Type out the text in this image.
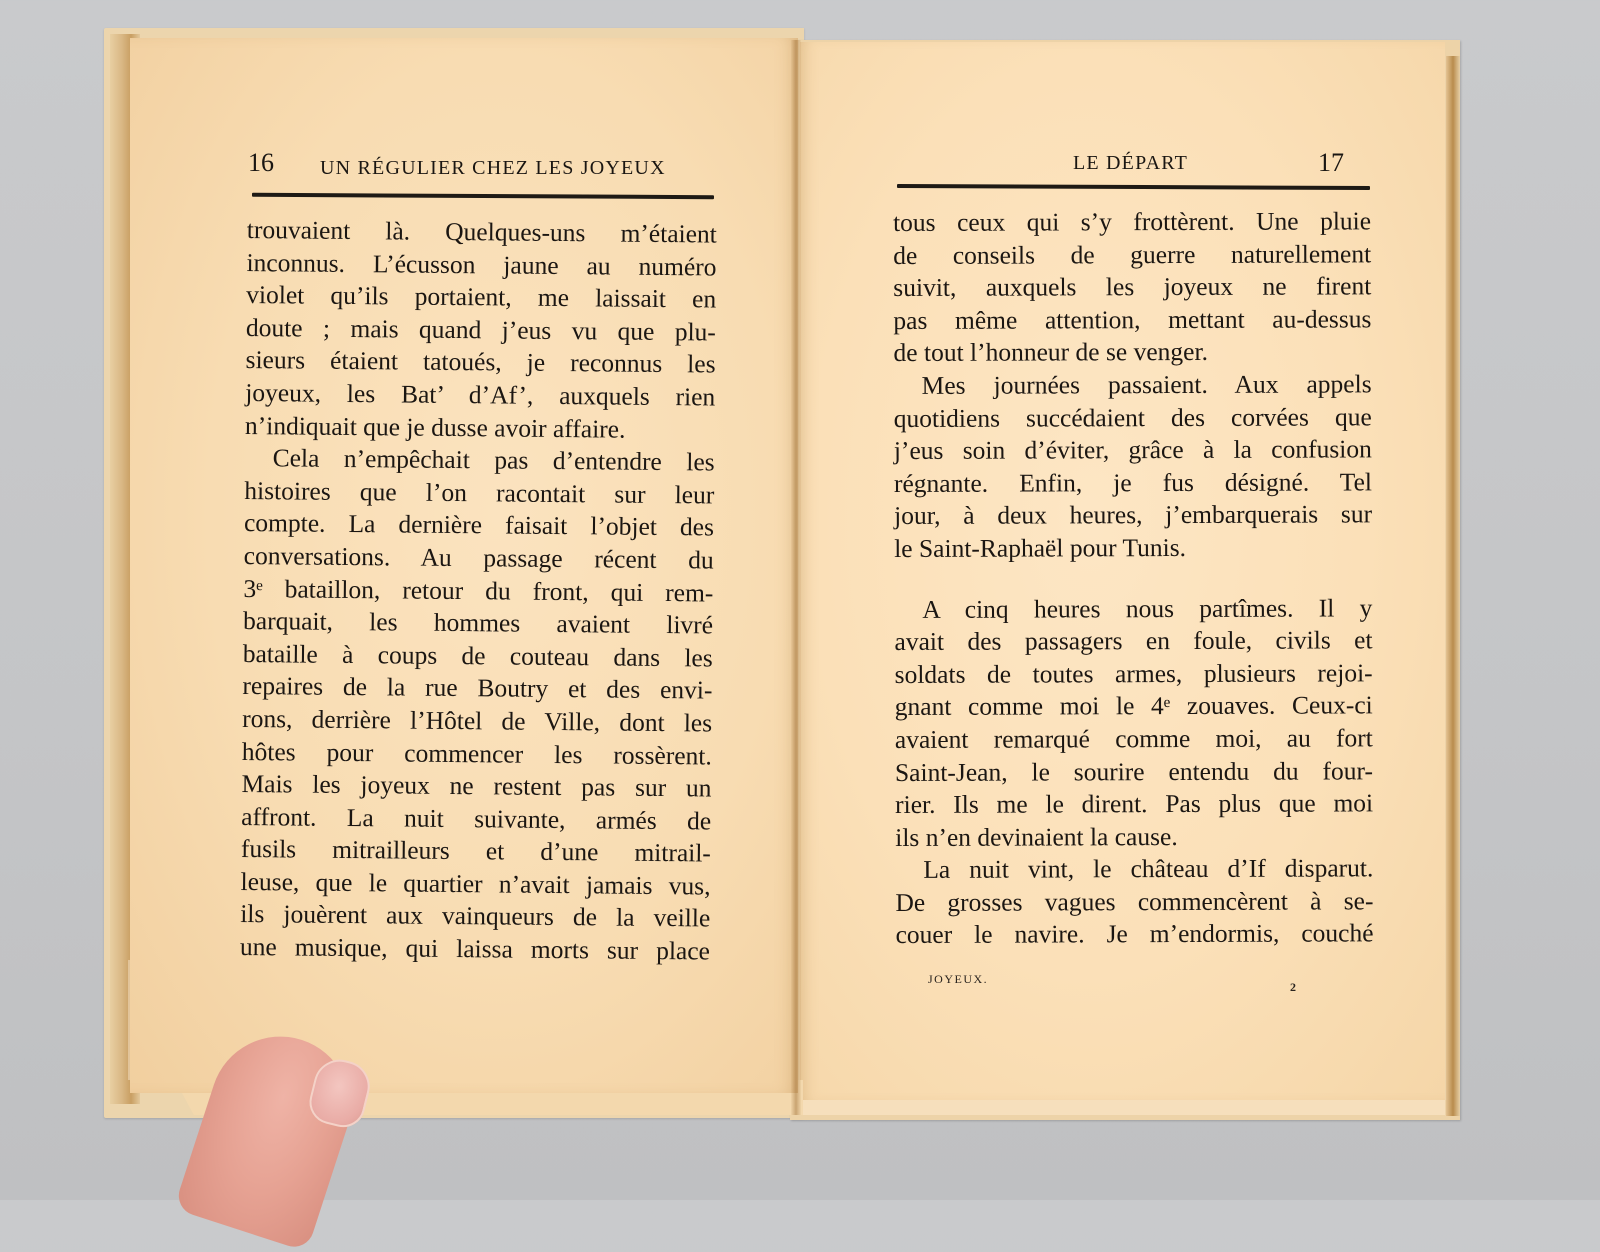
16 UN RÉGULIER CHEZ LES JOYEUX
trouvaient là. Quelques-uns m’étaient
inconnus. L’écusson jaune au numéro
violet qu’ils portaient, me laissait en
doute ; mais quand j’eus vu que plu-
sieurs étaient tatoués, je reconnus les
joyeux, les Bat’ d’Af’, auxquels rien
n’indiquait que je dusse avoir affaire.
Cela n’empêchait pas d’entendre les
histoires que l’on racontait sur leur
compte. La dernière faisait l’objet des
conversations. Au passage récent du
3ᵉ bataillon, retour du front, qui rem-
barquait, les hommes avaient livré
bataille à coups de couteau dans les
repaires de la rue Boutry et des envi-
rons, derrière l’Hôtel de Ville, dont les
hôtes pour commencer les rossèrent.
Mais les joyeux ne restent pas sur un
affront. La nuit suivante, armés de
fusils mitrailleurs et d’une mitrail-
leuse, que le quartier n’avait jamais vus,
ils jouèrent aux vainqueurs de la veille
une musique, qui laissa morts sur place
LE DÉPART	17
tous ceux qui s’y frottèrent. Une pluie
de conseils de guerre naturellement
suivit, auxquels les joyeux ne firent
pas même attention, mettant au-dessus
de tout l’honneur de se venger.
Mes journées passaient. Aux appels
quotidiens succédaient des corvées que
j’eus soin d’éviter, grâce à la confusion
régnante. Enfin, je fus désigné. Tel
jour, à deux heures, j’embarquerais sur
le Saint-Raphaël pour Tunis.
A cinq heures nous partîmes. Il y
avait des passagers en foule, civils et
soldats de toutes armes, plusieurs rejoi-
gnant comme moi le 4ᵉ zouaves. Ceux-ci
avaient remarqué comme moi, au fort
Saint-Jean, le sourire entendu du four-
rier. Ils me le dirent. Pas plus que moi
ils n’en devinaient la cause.
La nuit vint, le château d’If disparut.
De grosses vagues commencèrent à se-
couer le navire. Je m’endormis, couché
JOYEUX.
2
